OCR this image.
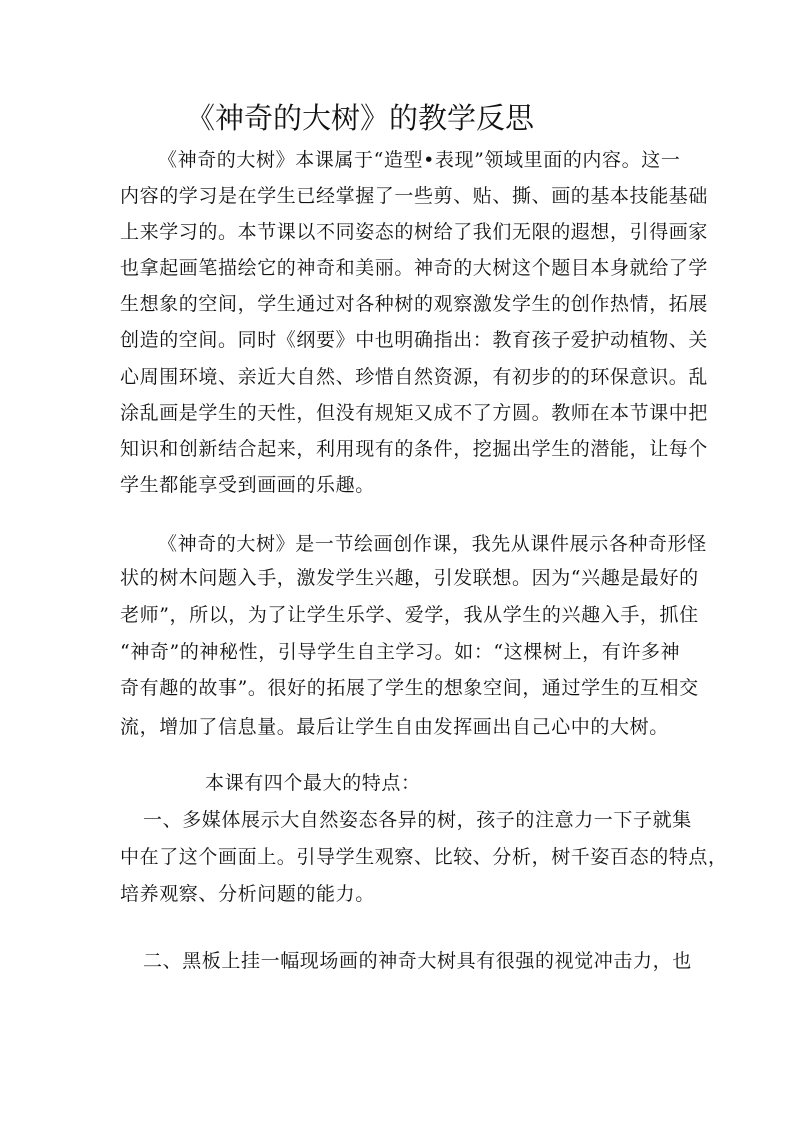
《神奇的大树》的教学反思
《神奇的大树》本课属于“造型•表现”领域里面的内容。这一
内容的学习是在学生已经掌握了一些剪、贴、撕、画的基本技能基础
上来学习的。本节课以不同姿态的树给了我们无限的遐想，引得画家
也拿起画笔描绘它的神奇和美丽。神奇的大树这个题目本身就给了学
生想象的空间，学生通过对各种树的观察激发学生的创作热情，拓展
创造的空间。同时《纲要》中也明确指出：教育孩子爱护动植物、关
心周围环境、亲近大自然、珍惜自然资源，有初步的的环保意识。乱
涂乱画是学生的天性，但没有规矩又成不了方圆。教师在本节课中把
知识和创新结合起来，利用现有的条件，挖掘出学生的潜能，让每个
学生都能享受到画画的乐趣。
《神奇的大树》是一节绘画创作课，我先从课件展示各种奇形怪
状的树木问题入手，激发学生兴趣，引发联想。因为“兴趣是最好的
老师”，所以，为了让学生乐学、爱学，我从学生的兴趣入手，抓住
“神奇”的神秘性，引导学生自主学习。如：“这棵树上，有许多神
奇有趣的故事”。很好的拓展了学生的想象空间，通过学生的互相交
流，增加了信息量。最后让学生自由发挥画出自己心中的大树。
本课有四个最大的特点：
一、多媒体展示大自然姿态各异的树，孩子的注意力一下子就集
中在了这个画面上。引导学生观察、比较、分析，树千姿百态的特点，
培养观察、分析问题的能力。
二、黑板上挂一幅现场画的神奇大树具有很强的视觉冲击力，也
